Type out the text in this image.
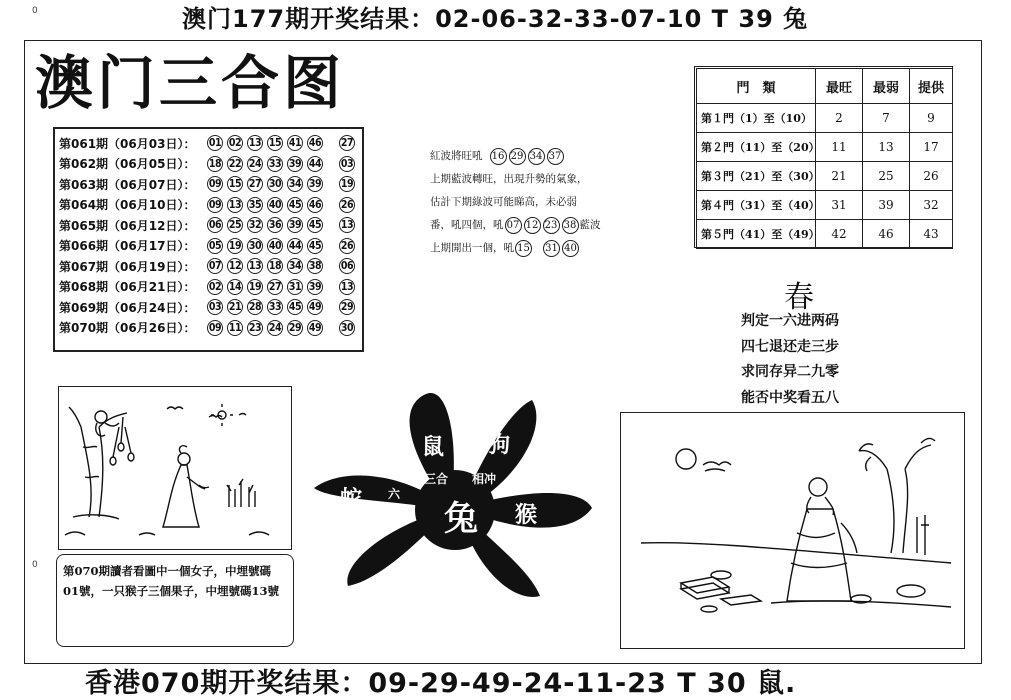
0
0
澳门177期开奖结果：02-06-32-33-07-10 T 39 兔
澳门三合图
第061期（06月03日）：	01 02 13 15 41 46 27
第062期（06月05日）：	18 22 24 33 39 44 03
第063期（06月07日）：	09 15 27 30 34 39 19
第064期（06月10日）：	09 13 35 40 45 46 26
第065期（06月12日）：	06 25 32 36 39 45 13
第066期（06月17日）：	05 19 30 40 44 45 26
第067期（06月19日）：	07 12 13 18 34 38 06
第068期（06月21日）：	02 14 19 27 31 39 13
第069期（06月24日）：	03 21 28 33 45 49 29
第070期（06月26日）：	09 11 23 24 29 49 30
紅波將旺吼 16 29 34 37
上期藍波轉旺，出現升勢的氣象，
估計下期綠波可能睇高，未必弱
番，吼四個，吼 07 12 23 38 藍波
上期開出一個，吼 15 31 40
門　類	最旺	最弱	提供
第１門（1）至（10）	2	7	9
第２門（11）至（20）	11	13	17
第３門（21）至（30）	21	25	26
第４門（31）至（40）	31	39	32
第５門（41）至（49）	42	46	43
春
判定一六进两码
四七退还走三步
求同存异二九零
能否中奖看五八
第070期讀者看圖中一個女子，中埋號碼
01號，一只猴子三個果子，中埋號碼13號
鼠 狗
三合 相冲
蛇 六
合 兔 猴
香港070期开奖结果：09-29-49-24-11-23 T 30 鼠.
